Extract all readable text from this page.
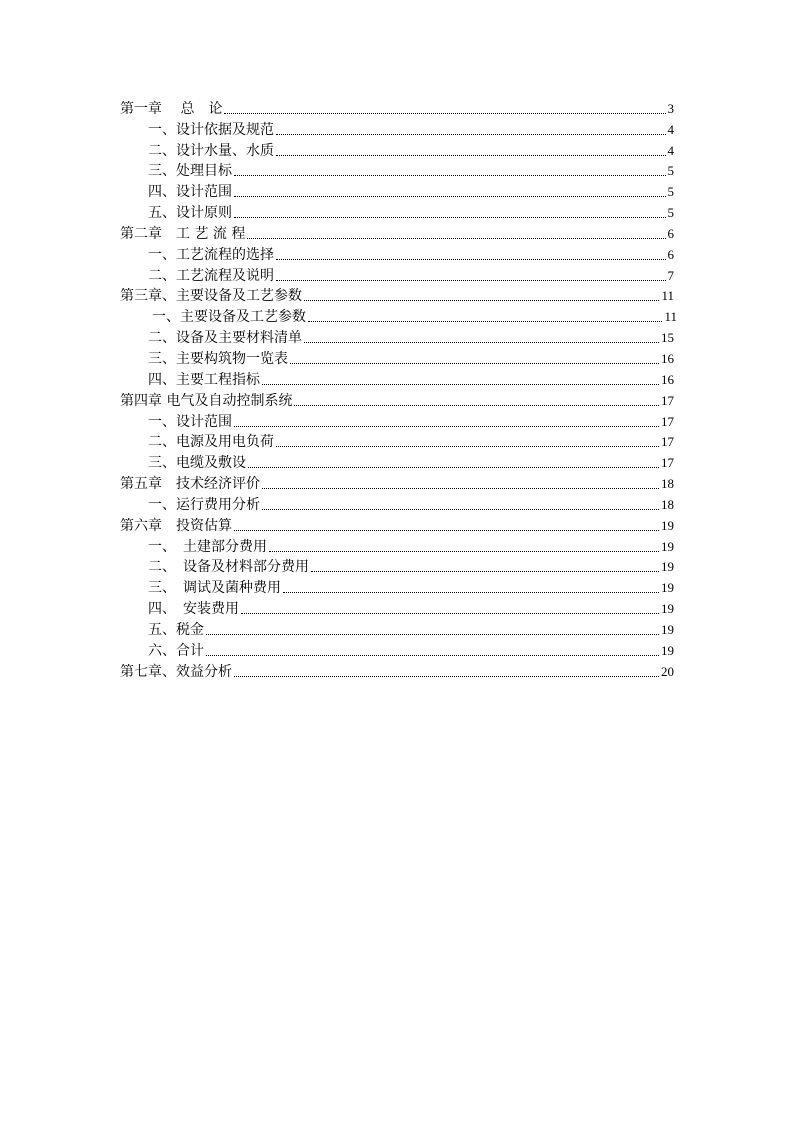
第一章　 总　论	3
一、设计依据及规范	4
二、设计水量、水质	4
三、处理目标	5
四、设计范围	5
五、设计原则	5
第二章　工 艺 流 程	6
一、工艺流程的选择	6
二、工艺流程及说明	7
第三章、主要设备及工艺参数	11
一、主要设备及工艺参数	11
二、设备及主要材料清单	15
三、主要构筑物一览表	16
四、主要工程指标	16
第四章 电气及自动控制系统	17
一、设计范围	17
二、电源及用电负荷	17
三、电缆及敷设	17
第五章　技术经济评价	18
一、运行费用分析	18
第六章　投资估算	19
一、　土建部分费用	19
二、　设备及材料部分费用	19
三、　调试及菌种费用	19
四、　安装费用	19
五、税金	19
六、合计	19
第七章、效益分析	20
